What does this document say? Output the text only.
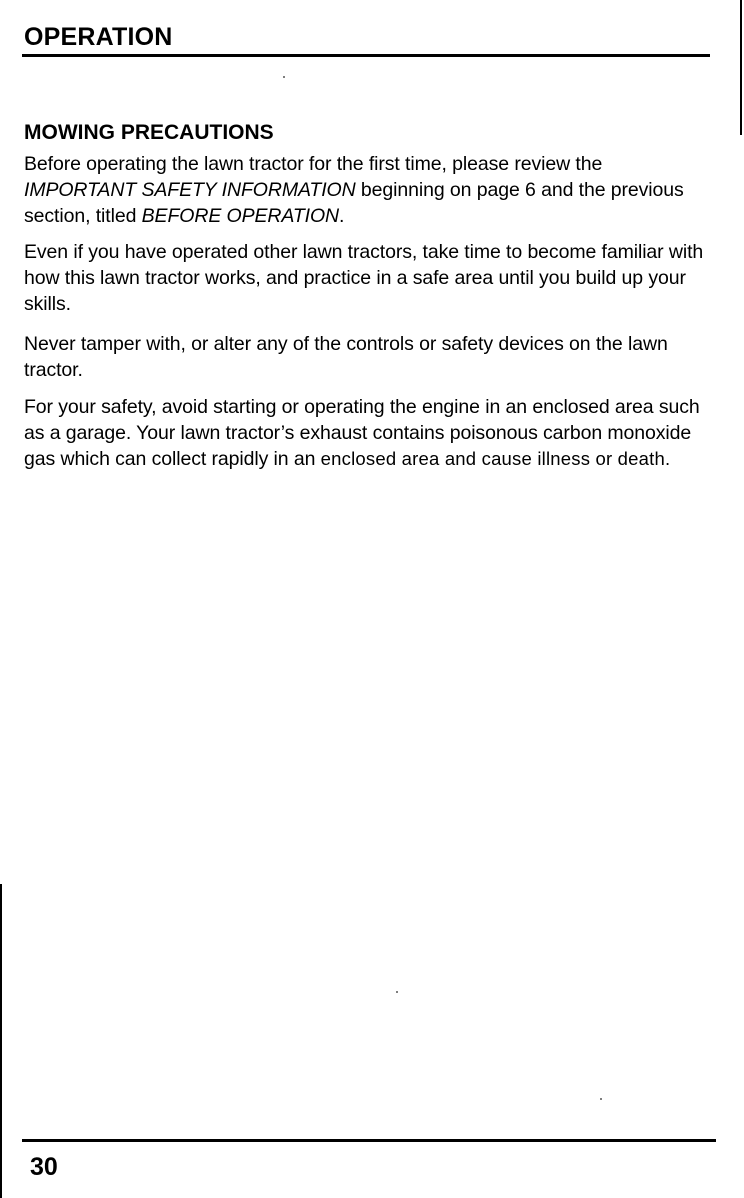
OPERATION
MOWING PRECAUTIONS

Before operating the lawn tractor for the first time, please review the IMPORTANT SAFETY INFORMATION beginning on page 6 and the previous section, titled BEFORE OPERATION.

Even if you have operated other lawn tractors, take time to become familiar with how this lawn tractor works, and practice in a safe area until you build up your skills.

Never tamper with, or alter any of the controls or safety devices on the lawn tractor.

For your safety, avoid starting or operating the engine in an enclosed area such as a garage. Your lawn tractor’s exhaust contains poisonous carbon monoxide gas which can collect rapidly in an enclosed area and cause illness or death.

30
